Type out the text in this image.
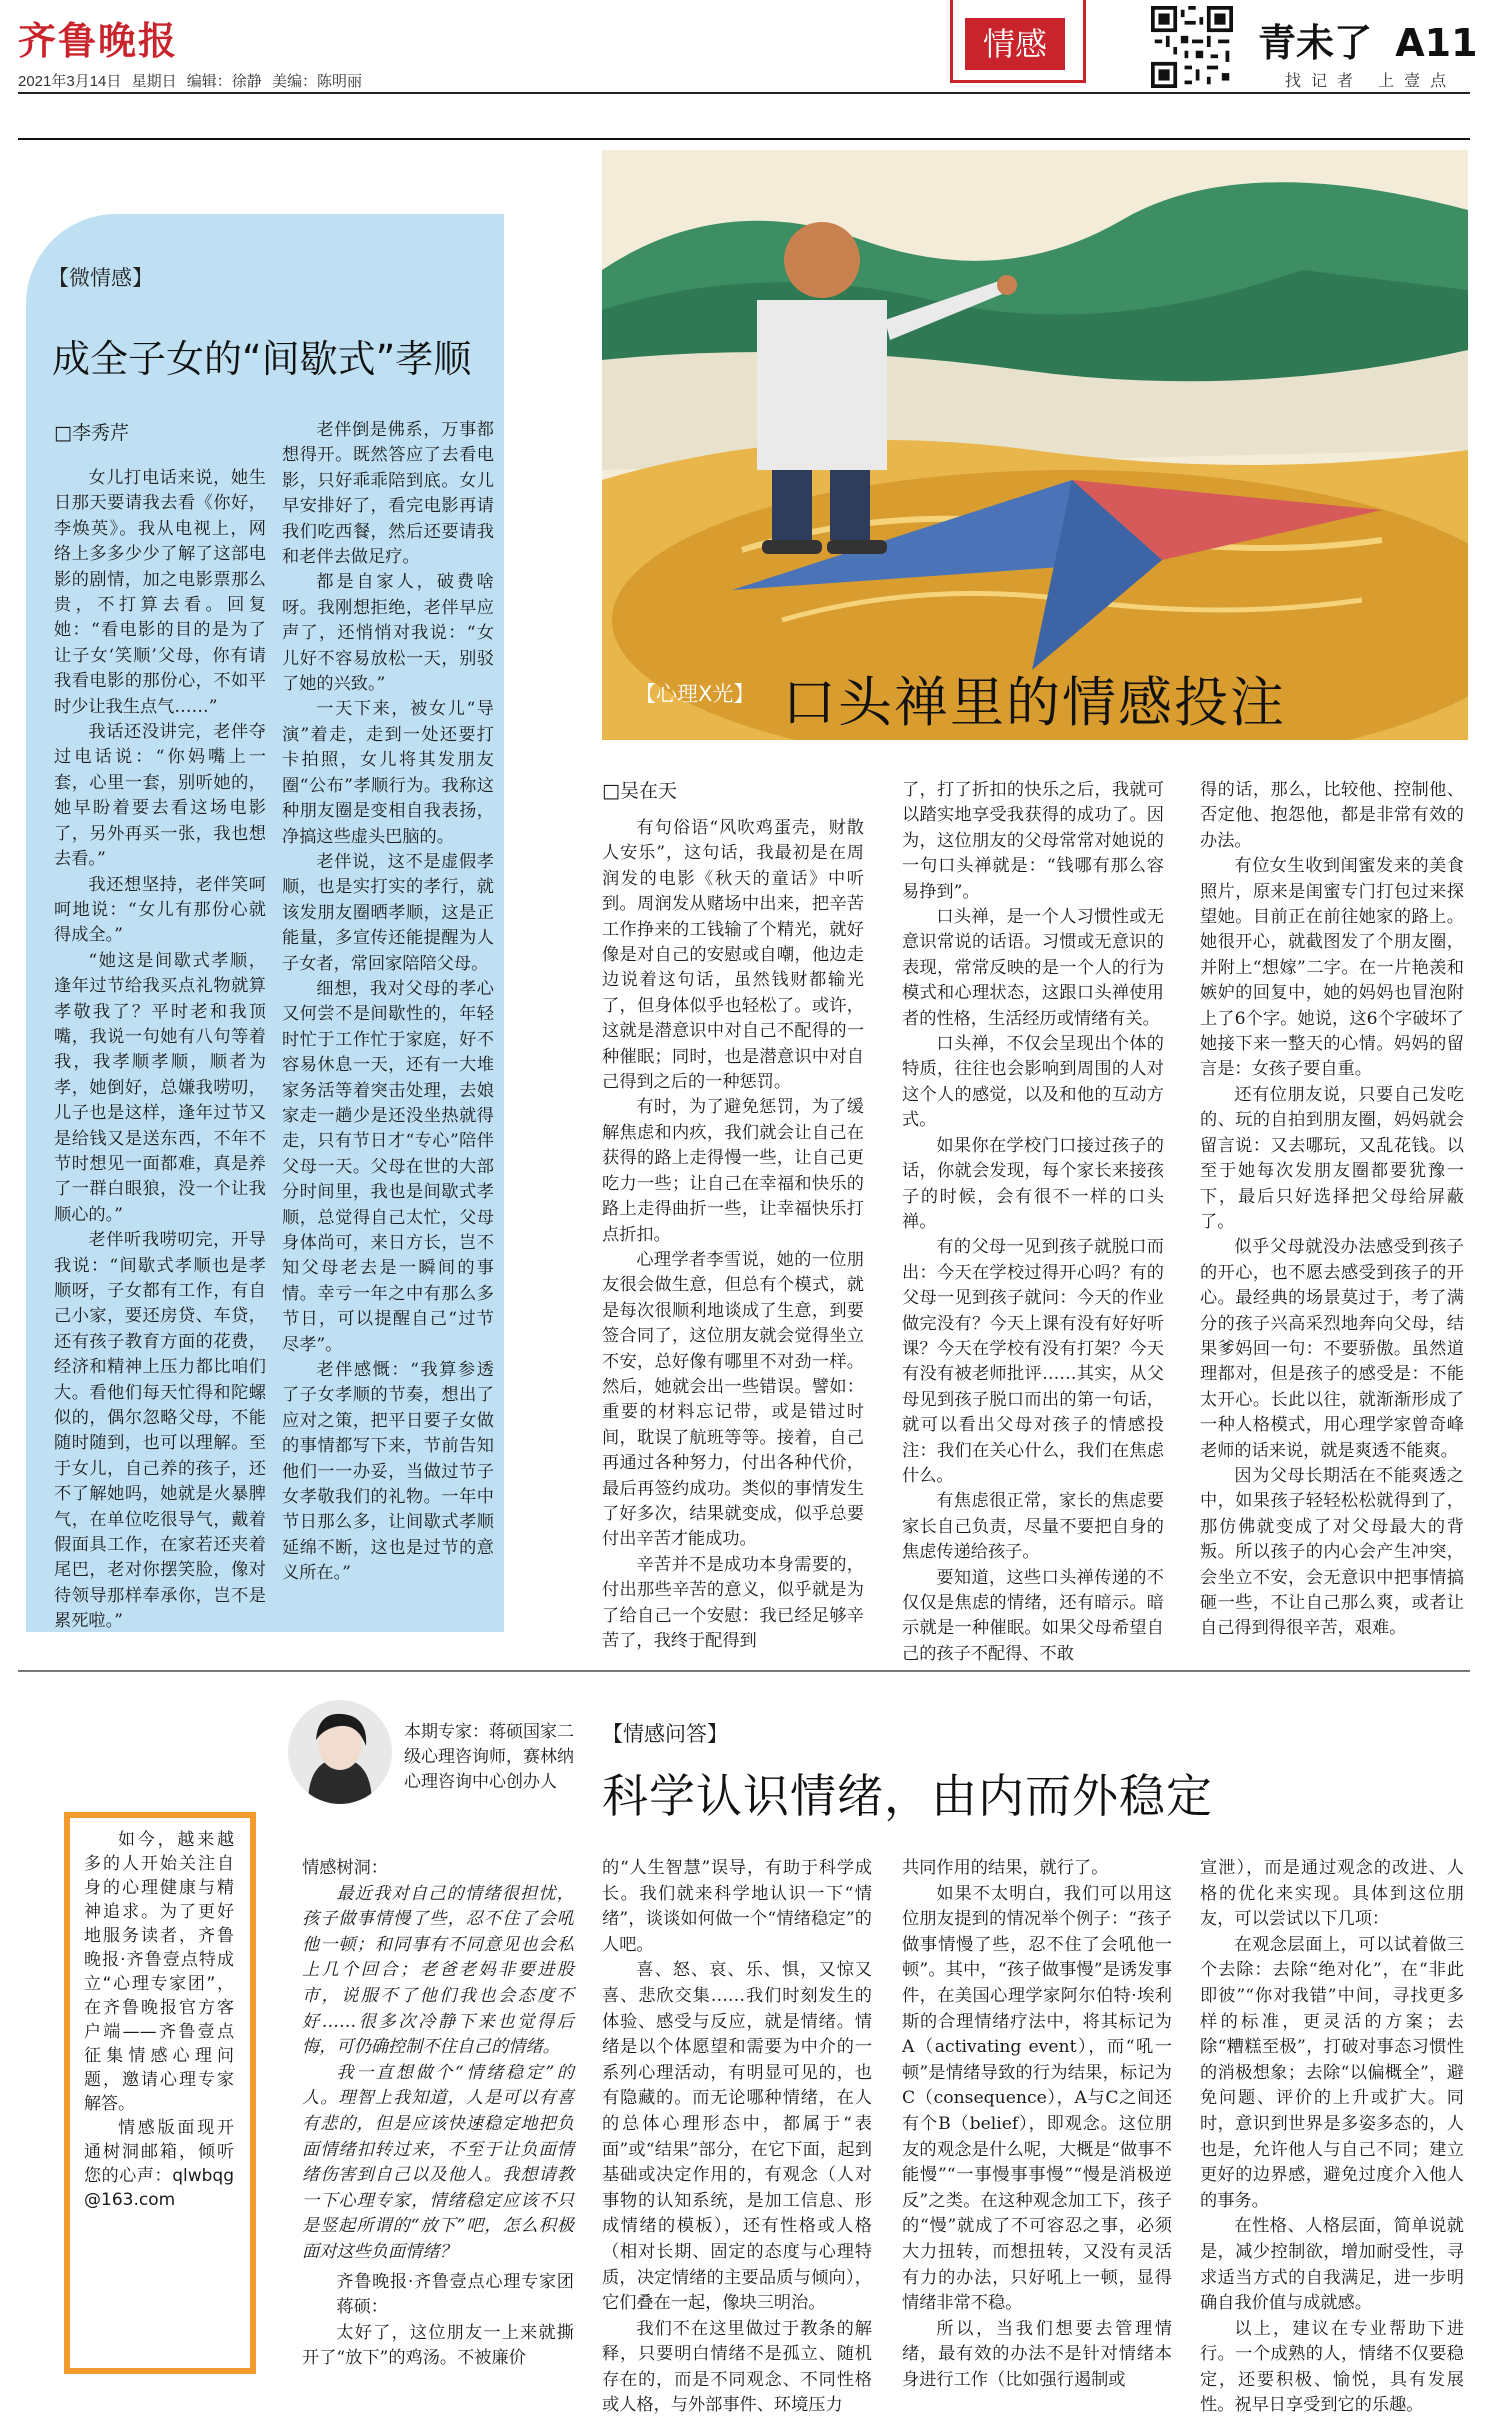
齐鲁晚报
2021年3月14日 星期日 编辑：徐静 美编：陈明丽
情感	青未了 A11
找记者 上壹点
【微情感】
成全子女的“间歇式”孝顺
□李秀芹

女儿打电话来说，她生日那天要请我去看《你好，李焕英》。我从电视上，网络上多多少少了解了这部电影的剧情，加之电影票那么贵，不打算去看。回复她：“看电影的目的是为了让子女‘笑顺’父母，你有请我看电影的那份心，不如平时少让我生点气……”

我话还没讲完，老伴夺过电话说：“你妈嘴上一套，心里一套，别听她的，她早盼着要去看这场电影了，另外再买一张，我也想去看。”

我还想坚持，老伴笑呵呵地说：“女儿有那份心就得成全。”

“她这是间歇式孝顺，逢年过节给我买点礼物就算孝敬我了？平时老和我顶嘴，我说一句她有八句等着我，我孝顺孝顺，顺者为孝，她倒好，总嫌我唠叨，儿子也是这样，逢年过节又是给钱又是送东西，不年不节时想见一面都难，真是养了一群白眼狼，没一个让我顺心的。”

老伴听我唠叨完，开导我说：“间歇式孝顺也是孝顺呀，子女都有工作，有自己小家，要还房贷、车贷，还有孩子教育方面的花费，经济和精神上压力都比咱们大。看他们每天忙得和陀螺似的，偶尔忽略父母，不能随时随到，也可以理解。至于女儿，自己养的孩子，还不了解她吗，她就是火暴脾气，在单位吃很导气，戴着假面具工作，在家若还夹着尾巴，老对你摆笑脸，像对待领导那样奉承你，岂不是累死啦。”

老伴倒是佛系，万事都想得开。既然答应了去看电影，只好乖乖陪到底。女儿早安排好了，看完电影再请我们吃西餐，然后还要请我和老伴去做足疗。

都是自家人，破费啥呀。我刚想拒绝，老伴早应声了，还悄悄对我说：“女儿好不容易放松一天，别驳了她的兴致。”

一天下来，被女儿“导演”着走，走到一处还要打卡拍照，女儿将其发朋友圈“公布”孝顺行为。我称这种朋友圈是变相自我表扬，净搞这些虚头巴脑的。

老伴说，这不是虚假孝顺，也是实打实的孝行，就该发朋友圈晒孝顺，这是正能量，多宣传还能提醒为人子女者，常回家陪陪父母。

细想，我对父母的孝心又何尝不是间歇性的，年轻时忙于工作忙于家庭，好不容易休息一天，还有一大堆家务活等着突击处理，去娘家走一趟少是还没坐热就得走，只有节日才“专心”陪伴父母一天。父母在世的大部分时间里，我也是间歇式孝顺，总觉得自己太忙，父母身体尚可，来日方长，岂不知父母老去是一瞬间的事情。幸亏一年之中有那么多节日，可以提醒自己“过节尽孝”。

老伴感慨：“我算参透了子女孝顺的节奏，想出了应对之策，把平日要子女做的事情都写下来，节前告知他们一一办妥，当做过节子女孝敬我们的礼物。一年中节日那么多，让间歇式孝顺延绵不断，这也是过节的意义所在。”

【心理X光】 口头禅里的情感投注
□吴在天

有句俗语“风吹鸡蛋壳，财散人安乐”，这句话，我最初是在周润发的电影《秋天的童话》中听到。周润发从赌场中出来，把辛苦工作挣来的工钱输了个精光，就好像是对自己的安慰或自嘲，他边走边说着这句话，虽然钱财都输光了，但身体似乎也轻松了。或许，这就是潜意识中对自己不配得的一种催眠；同时，也是潜意识中对自己得到之后的一种惩罚。

有时，为了避免惩罚，为了缓解焦虑和内疚，我们就会让自己在获得的路上走得慢一些，让自己更吃力一些；让自己在幸福和快乐的路上走得曲折一些，让幸福快乐打点折扣。

心理学者李雪说，她的一位朋友很会做生意，但总有个模式，就是每次很顺利地谈成了生意，到要签合同了，这位朋友就会觉得坐立不安，总好像有哪里不对劲一样。然后，她就会出一些错误。譬如：重要的材料忘记带，或是错过时间，耽误了航班等等。接着，自己再通过各种努力，付出各种代价，最后再签约成功。类似的事情发生了好多次，结果就变成，似乎总要付出辛苦才能成功。

辛苦并不是成功本身需要的，付出那些辛苦的意义，似乎就是为了给自己一个安慰：我已经足够辛苦了，我终于配得到

了，打了折扣的快乐之后，我就可以踏实地享受我获得的成功了。因为，这位朋友的父母常常对她说的一句口头禅就是：“钱哪有那么容易挣到”。

口头禅，是一个人习惯性或无意识常说的话语。习惯或无意识的表现，常常反映的是一个人的行为模式和心理状态，这跟口头禅使用者的性格，生活经历或情绪有关。

口头禅，不仅会呈现出个体的特质，往往也会影响到周围的人对这个人的感觉，以及和他的互动方式。

如果你在学校门口接过孩子的话，你就会发现，每个家长来接孩子的时候，会有很不一样的口头禅。

有的父母一见到孩子就脱口而出：今天在学校过得开心吗？有的父母一见到孩子就问：今天的作业做完没有？今天上课有没有好好听课？今天在学校有没有打架？今天有没有被老师批评……其实，从父母见到孩子脱口而出的第一句话，就可以看出父母对孩子的情感投注：我们在关心什么，我们在焦虑什么。

有焦虑很正常，家长的焦虑要家长自己负责，尽量不要把自身的焦虑传递给孩子。

要知道，这些口头禅传递的不仅仅是焦虑的情绪，还有暗示。暗示就是一种催眠。如果父母希望自己的孩子不配得、不敢

得的话，那么，比较他、控制他、否定他、抱怨他，都是非常有效的办法。

有位女生收到闺蜜发来的美食照片，原来是闺蜜专门打包过来探望她。目前正在前往她家的路上。她很开心，就截图发了个朋友圈，并附上“想嫁”二字。在一片艳羡和嫉妒的回复中，她的妈妈也冒泡附上了6个字。她说，这6个字破坏了她接下来一整天的心情。妈妈的留言是：女孩子要自重。

还有位朋友说，只要自己发吃的、玩的自拍到朋友圈，妈妈就会留言说：又去哪玩，又乱花钱。以至于她每次发朋友圈都要犹豫一下，最后只好选择把父母给屏蔽了。

似乎父母就没办法感受到孩子的开心，也不愿去感受到孩子的开心。最经典的场景莫过于，考了满分的孩子兴高采烈地奔向父母，结果爹妈回一句：不要骄傲。虽然道理都对，但是孩子的感受是：不能太开心。长此以往，就渐渐形成了一种人格模式，用心理学家曾奇峰老师的话来说，就是爽透不能爽。

因为父母长期活在不能爽透之中，如果孩子轻轻松松就得到了，那仿佛就变成了对父母最大的背叛。所以孩子的内心会产生冲突，会坐立不安，会无意识中把事情搞砸一些，不让自己那么爽，或者让自己得到得很辛苦，艰难。

本期专家：蒋硕国家二级心理咨询师，赛林纳心理咨询中心创办人
【情感问答】
科学认识情绪，由内而外稳定

如今，越来越多的人开始关注自身的心理健康与精神追求。为了更好地服务读者，齐鲁晚报·齐鲁壹点特成立“心理专家团”，在齐鲁晚报官方客户端——齐鲁壹点征集情感心理问题，邀请心理专家解答。

情感版面现开通树洞邮箱，倾听您的心声：qlwbqg@163.com

情感树洞：

最近我对自己的情绪很担忧，孩子做事情慢了些，忍不住了会吼他一顿；和同事有不同意见也会私上几个回合；老爸老妈非要进股市，说服不了他们我也会态度不好……很多次冷静下来也觉得后悔，可仍确控制不住自己的情绪。

我一直想做个“情绪稳定”的人。理智上我知道，人是可以有喜有悲的，但是应该快速稳定地把负面情绪扣转过来，不至于让负面情绪伤害到自己以及他人。我想请教一下心理专家，情绪稳定应该不只是竖起所谓的“放下”吧，怎么积极面对这些负面情绪？

齐鲁晚报·齐鲁壹点心理专家团蒋硕：

太好了，这位朋友一上来就撕开了“放下”的鸡汤。不被廉价

的“人生智慧”误导，有助于科学成长。我们就来科学地认识一下“情绪”，谈谈如何做一个“情绪稳定”的人吧。

喜、怒、哀、乐、惧，又惊又喜、悲欣交集……我们时刻发生的体验、感受与反应，就是情绪。情绪是以个体愿望和需要为中介的一系列心理活动，有明显可见的，也有隐藏的。而无论哪种情绪，在人的总体心理形态中，都属于“表面”或“结果”部分，在它下面，起到基础或决定作用的，有观念（人对事物的认知系统，是加工信息、形成情绪的模板），还有性格或人格（相对长期、固定的态度与心理特质，决定情绪的主要品质与倾向），它们叠在一起，像块三明治。

我们不在这里做过于教条的解释，只要明白情绪不是孤立、随机存在的，而是不同观念、不同性格或人格，与外部事件、环境压力

共同作用的结果，就行了。

如果不太明白，我们可以用这位朋友提到的情况举个例子：“孩子做事情慢了些，忍不住了会吼他一顿”。其中，“孩子做事慢”是诱发事件，在美国心理学家阿尔伯特·埃利斯的合理情绪疗法中，将其标记为A（activating event），而“吼一顿”是情绪导致的行为结果，标记为C（consequence），A与C之间还有个B（belief），即观念。这位朋友的观念是什么呢，大概是“做事不能慢”“一事慢事事慢”“慢是消极逆反”之类。在这种观念加工下，孩子的“慢”就成了不可容忍之事，必须大力扭转，而想扭转，又没有灵活有力的办法，只好吼上一顿，显得情绪非常不稳。

所以，当我们想要去管理情绪，最有效的办法不是针对情绪本身进行工作（比如强行遏制或

宣泄），而是通过观念的改进、人格的优化来实现。具体到这位朋友，可以尝试以下几项：

在观念层面上，可以试着做三个去除：去除“绝对化”，在“非此即彼”“你对我错”中间，寻找更多样的标准，更灵活的方案；去除“糟糕至极”，打破对事态习惯性的消极想象；去除“以偏概全”，避免问题、评价的上升或扩大。同时，意识到世界是多姿多态的，人也是，允许他人与自己不同；建立更好的边界感，避免过度介入他人的事务。

在性格、人格层面，简单说就是，减少控制欲，增加耐受性，寻求适当方式的自我满足，进一步明确自我价值与成就感。

以上，建议在专业帮助下进行。一个成熟的人，情绪不仅要稳定，还要积极、愉悦，具有发展性。祝早日享受到它的乐趣。
